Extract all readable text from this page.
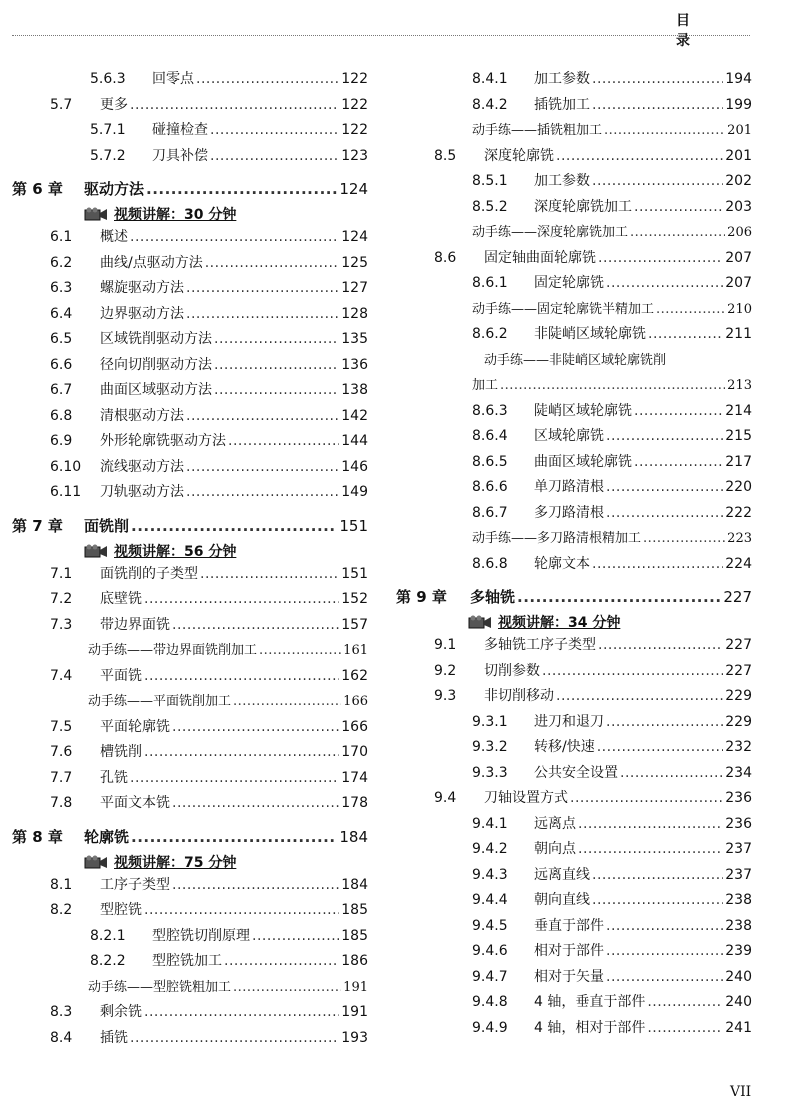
目 录
5.6.3	回零点 .....	122
5.7	更多 .....	122
5.7.1	碰撞检查 .....	122
5.7.2	刀具补偿 .....	123
第 6 章	驱动方法 .....	124
视频讲解：30 分钟
6.1	概述 .....	124
6.2	曲线/点驱动方法 .....	125
6.3	螺旋驱动方法 .....	127
6.4	边界驱动方法 .....	128
6.5	区域铣削驱动方法 .....	135
6.6	径向切削驱动方法 .....	136
6.7	曲面区域驱动方法 .....	138
6.8	清根驱动方法 .....	142
6.9	外形轮廓铣驱动方法 .....	144
6.10	流线驱动方法 .....	146
6.11	刀轨驱动方法 .....	149
第 7 章	面铣削 .....	151
视频讲解：56 分钟
7.1	面铣削的子类型 .....	151
7.2	底壁铣 .....	152
7.3	带边界面铣 .....	157
动手练——带边界面铣削加工 .....	161
7.4	平面铣 .....	162
动手练——平面铣削加工 .....	166
7.5	平面轮廓铣 .....	166
7.6	槽铣削 .....	170
7.7	孔铣 .....	174
7.8	平面文本铣 .....	178
第 8 章	轮廓铣 .....	184
视频讲解：75 分钟
8.1	工序子类型 .....	184
8.2	型腔铣 .....	185
8.2.1	型腔铣切削原理 .....	185
8.2.2	型腔铣加工 .....	186
动手练——型腔铣粗加工 .....	191
8.3	剩余铣 .....	191
8.4	插铣 .....	193
8.4.1	加工参数 .....	194
8.4.2	插铣加工 .....	199
动手练——插铣粗加工 .....	201
8.5	深度轮廓铣 .....	201
8.5.1	加工参数 .....	202
8.5.2	深度轮廓铣加工 .....	203
动手练——深度轮廓铣加工 .....	206
8.6	固定轴曲面轮廓铣 .....	207
8.6.1	固定轮廓铣 .....	207
动手练——固定轮廓铣半精加工 .....	210
8.6.2	非陡峭区域轮廓铣 .....	211
动手练——非陡峭区域轮廓铣削
加工 .....	213
8.6.3	陡峭区域轮廓铣 .....	214
8.6.4	区域轮廓铣 .....	215
8.6.5	曲面区域轮廓铣 .....	217
8.6.6	单刀路清根 .....	220
8.6.7	多刀路清根 .....	222
动手练——多刀路清根精加工 .....	223
8.6.8	轮廓文本 .....	224
第 9 章	多轴铣 .....	227
视频讲解：34 分钟
9.1	多轴铣工序子类型 .....	227
9.2	切削参数 .....	227
9.3	非切削移动 .....	229
9.3.1	进刀和退刀 .....	229
9.3.2	转移/快速 .....	232
9.3.3	公共安全设置 .....	234
9.4	刀轴设置方式 .....	236
9.4.1	远离点 .....	236
9.4.2	朝向点 .....	237
9.4.3	远离直线 .....	237
9.4.4	朝向直线 .....	238
9.4.5	垂直于部件 .....	238
9.4.6	相对于部件 .....	239
9.4.7	相对于矢量 .....	240
9.4.8	4 轴，垂直于部件 .....	240
9.4.9	4 轴，相对于部件 .....	241
VII
